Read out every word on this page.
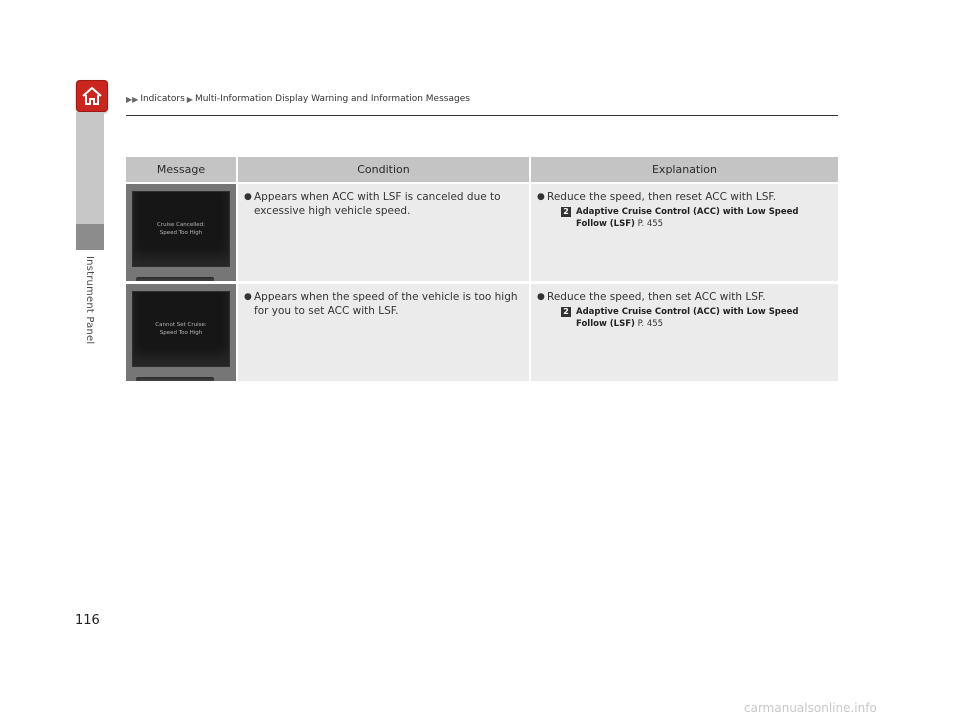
Instrument Panel
▶▶ Indicators ▶ Multi-Information Display Warning and Information Messages
Message	Condition	Explanation
Cruise Cancelled:
Speed Too High
● Appears when ACC with LSF is canceled due to excessive high vehicle speed.
● Reduce the speed, then reset ACC with LSF.
2 Adaptive Cruise Control (ACC) with Low Speed Follow (LSF) P. 455
Cannot Set Cruise:
Speed Too High
● Appears when the speed of the vehicle is too high for you to set ACC with LSF.
● Reduce the speed, then set ACC with LSF.
2 Adaptive Cruise Control (ACC) with Low Speed Follow (LSF) P. 455
116
carmanualsonline.info
